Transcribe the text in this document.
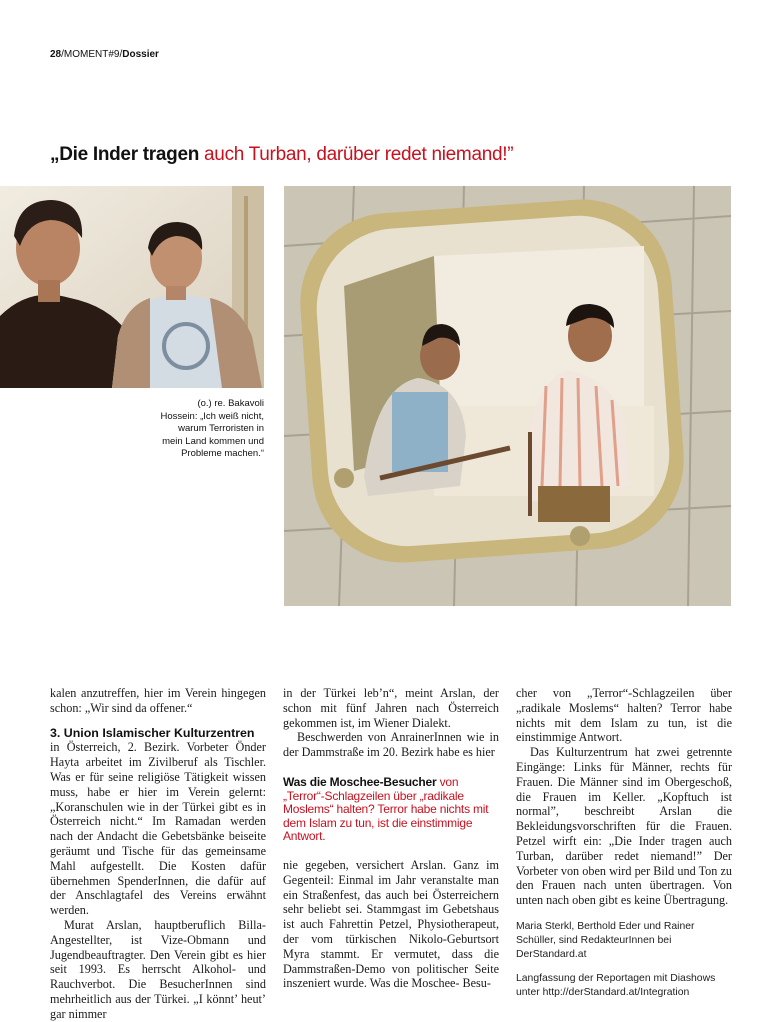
28/MOMENT#9/Dossier
„Die Inder tragen auch Turban, darüber redet niemand!”
(o.) re. Bakavoli Hossein: „Ich weiß nicht, warum Terroristen in mein Land kommen und Probleme machen.“

kalen anzutreffen, hier im Verein hingegen schon: „Wir sind da offener.“

3. Union Islamischer Kulturzentren

in Österreich, 2. Bezirk. Vorbeter Önder Hayta arbeitet im Zivilberuf als Tischler. Was er für seine religiöse Tätigkeit wissen muss, habe er hier im Verein gelernt: „Koranschulen wie in der Türkei gibt es in Österreich nicht.“ Im Ramadan werden nach der Andacht die Gebetsbänke beiseite geräumt und Tische für das gemeinsame Mahl aufgestellt. Die Kosten dafür übernehmen SpenderInnen, die dafür auf der Anschlagtafel des Vereins erwähnt werden.

Murat Arslan, hauptberuflich Billa-Angestellter, ist Vize-Obmann und Jugendbeauftragter. Den Verein gibt es hier seit 1993. Es herrscht Alkohol- und Rauchverbot. Die BesucherInnen sind mehrheitlich aus der Türkei. „I könnt’ heut’ gar nimmer

in der Türkei leb’n“, meint Arslan, der schon mit fünf Jahren nach Österreich gekommen ist, im Wiener Dialekt.

Beschwerden von AnrainerInnen wie in der Dammstraße im 20. Bezirk habe es hier

Was die Moschee-Besucher von „Terror“-Schlagzeilen über „radikale Moslems“ halten? Terror habe nichts mit dem Islam zu tun, ist die einstimmige Antwort.

nie gegeben, versichert Arslan. Ganz im Gegenteil: Einmal im Jahr veranstalte man ein Straßenfest, das auch bei Österreichern sehr beliebt sei. Stammgast im Gebetshaus ist auch Fahrettin Petzel, Physiotherapeut, der vom türkischen Nikolo-Geburtsort Myra stammt. Er vermutet, dass die Dammstraßen-Demo von politischer Seite inszeniert wurde. Was die Moschee- Besu-

cher von „Terror“-Schlagzeilen über „radikale Moslems“ halten? Terror habe nichts mit dem Islam zu tun, ist die einstimmige Antwort.

Das Kulturzentrum hat zwei getrennte Eingänge: Links für Männer, rechts für Frauen. Die Männer sind im Obergeschoß, die Frauen im Keller. „Kopftuch ist normal”, beschreibt Arslan die Bekleidungsvorschriften für die Frauen. Petzel wirft ein: „Die Inder tragen auch Turban, darüber redet niemand!” Der Vorbeter von oben wird per Bild und Ton zu den Frauen nach unten übertragen. Von unten nach oben gibt es keine Übertragung.

Maria Sterkl, Berthold Eder und Rainer Schüller, sind RedakteurInnen bei DerStandard.at

Langfassung der Reportagen mit Diashows unter http://derStandard.at/Integration
